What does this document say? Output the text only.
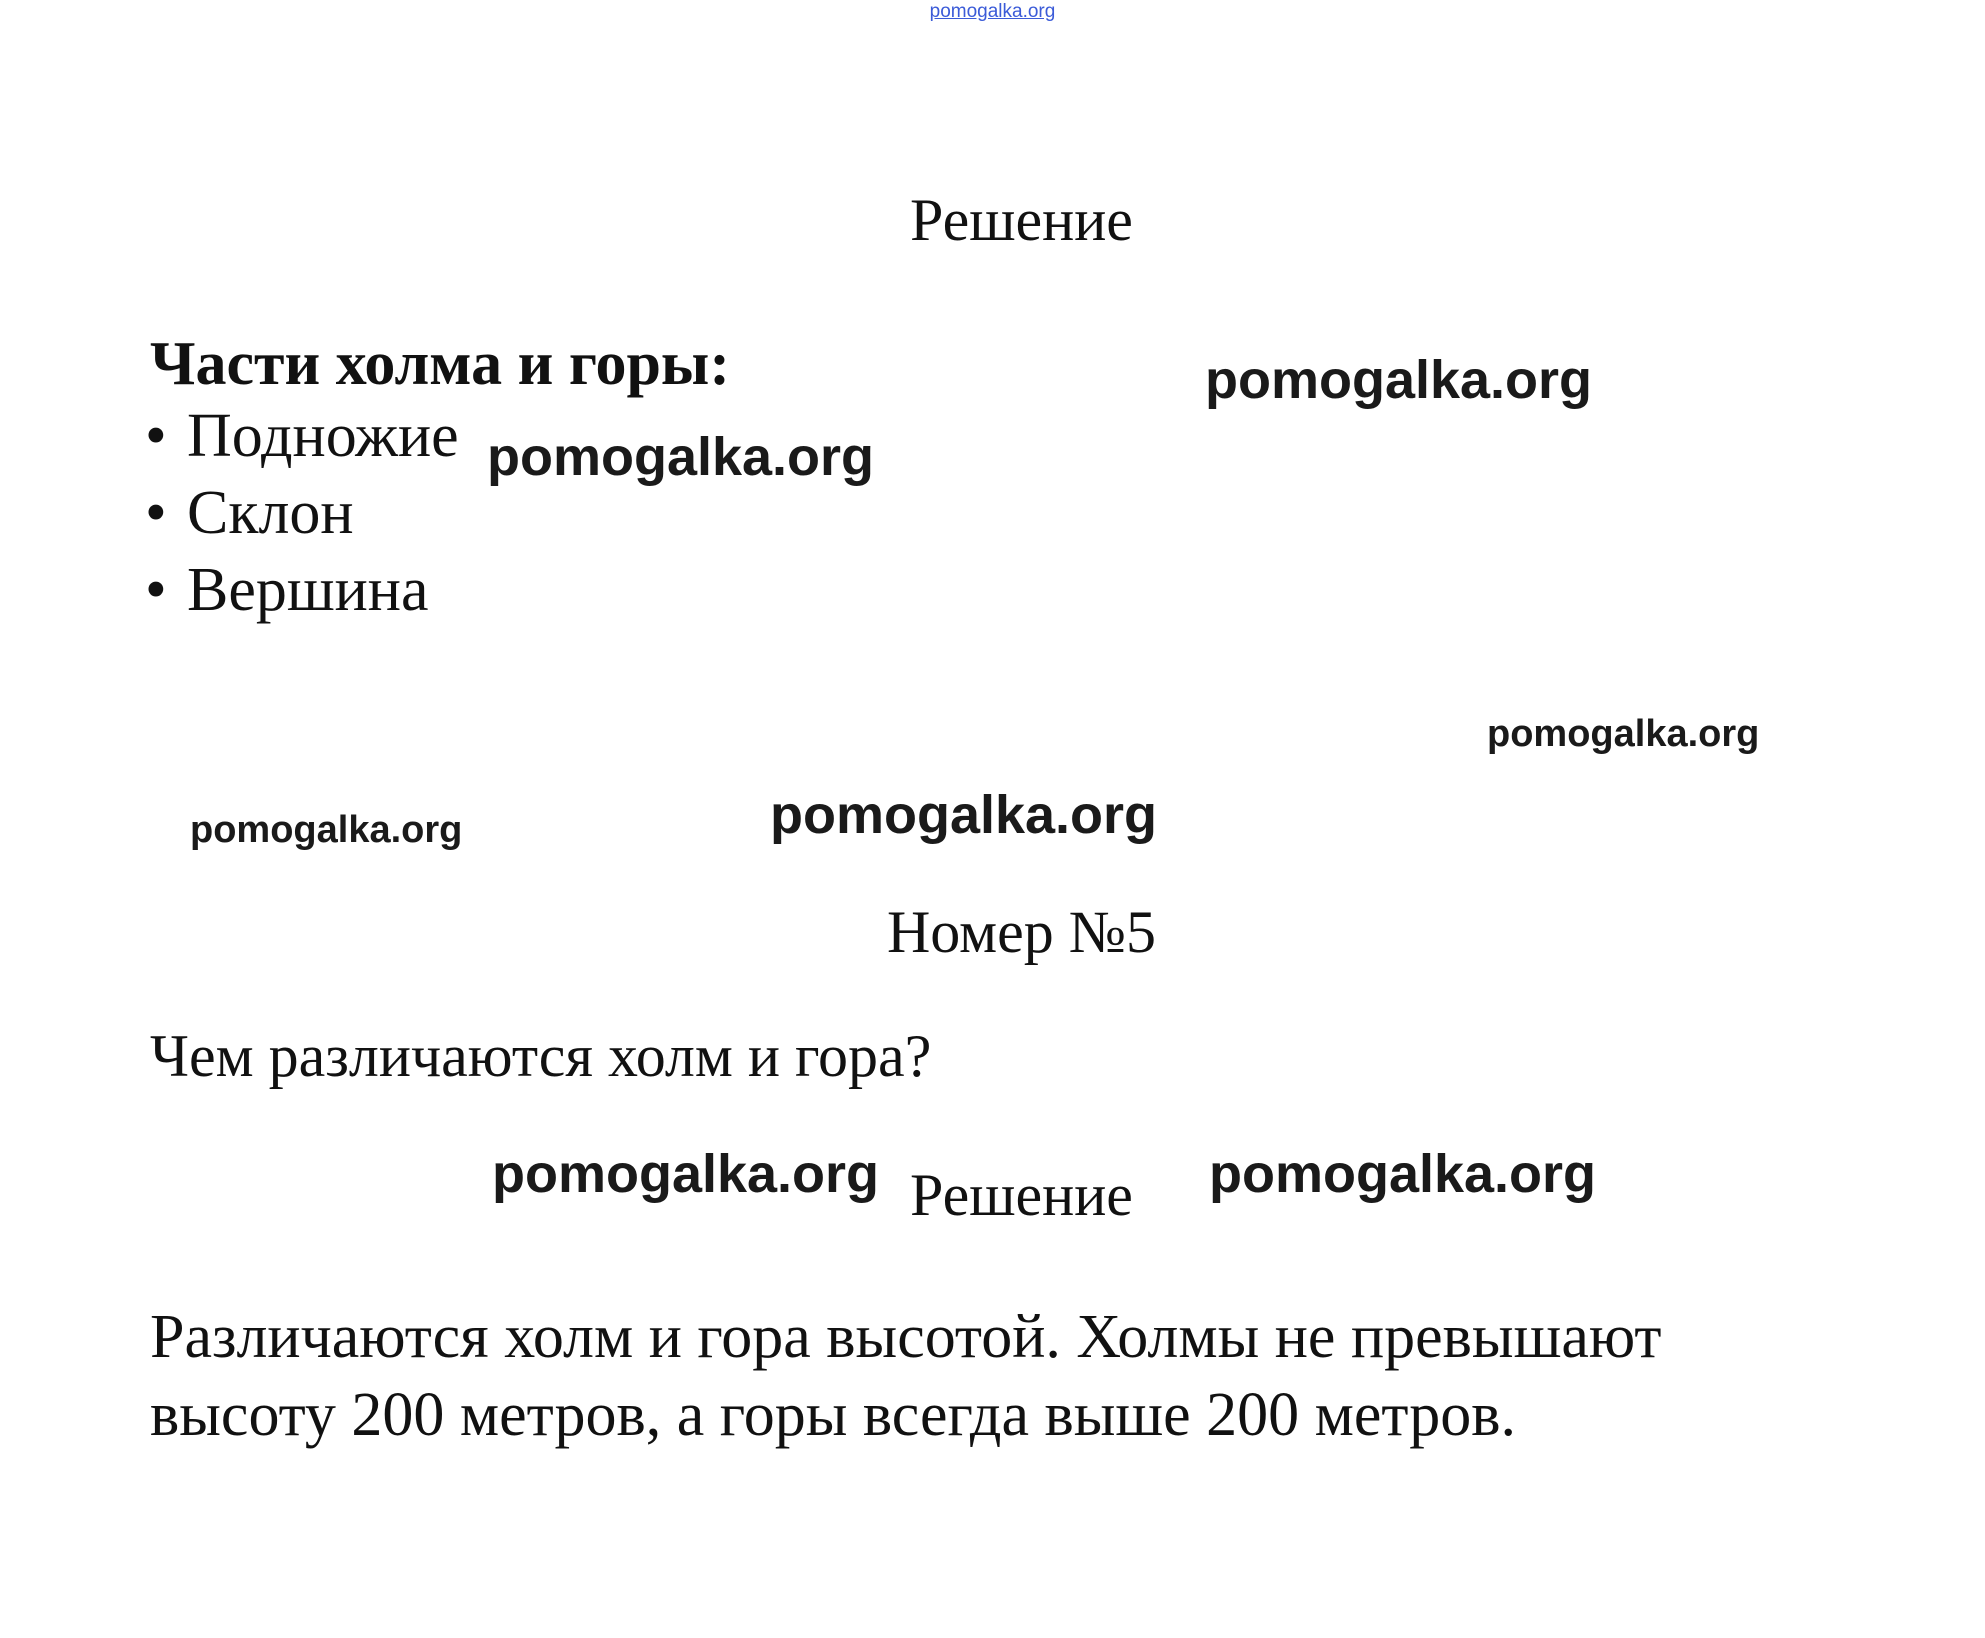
pomogalka.org
Решение
Части холма и горы:
• Подножие
• Склон
• Вершина
Номер №5
Чем различаются холм и гора?
Решение
Различаются холм и гора высотой. Холмы не превышают
высоту 200 метров, а горы всегда выше 200 метров.
pomogalka.org
pomogalka.org
pomogalka.org
pomogalka.org	pomogalka.org
pomogalka.org	pomogalka.org
